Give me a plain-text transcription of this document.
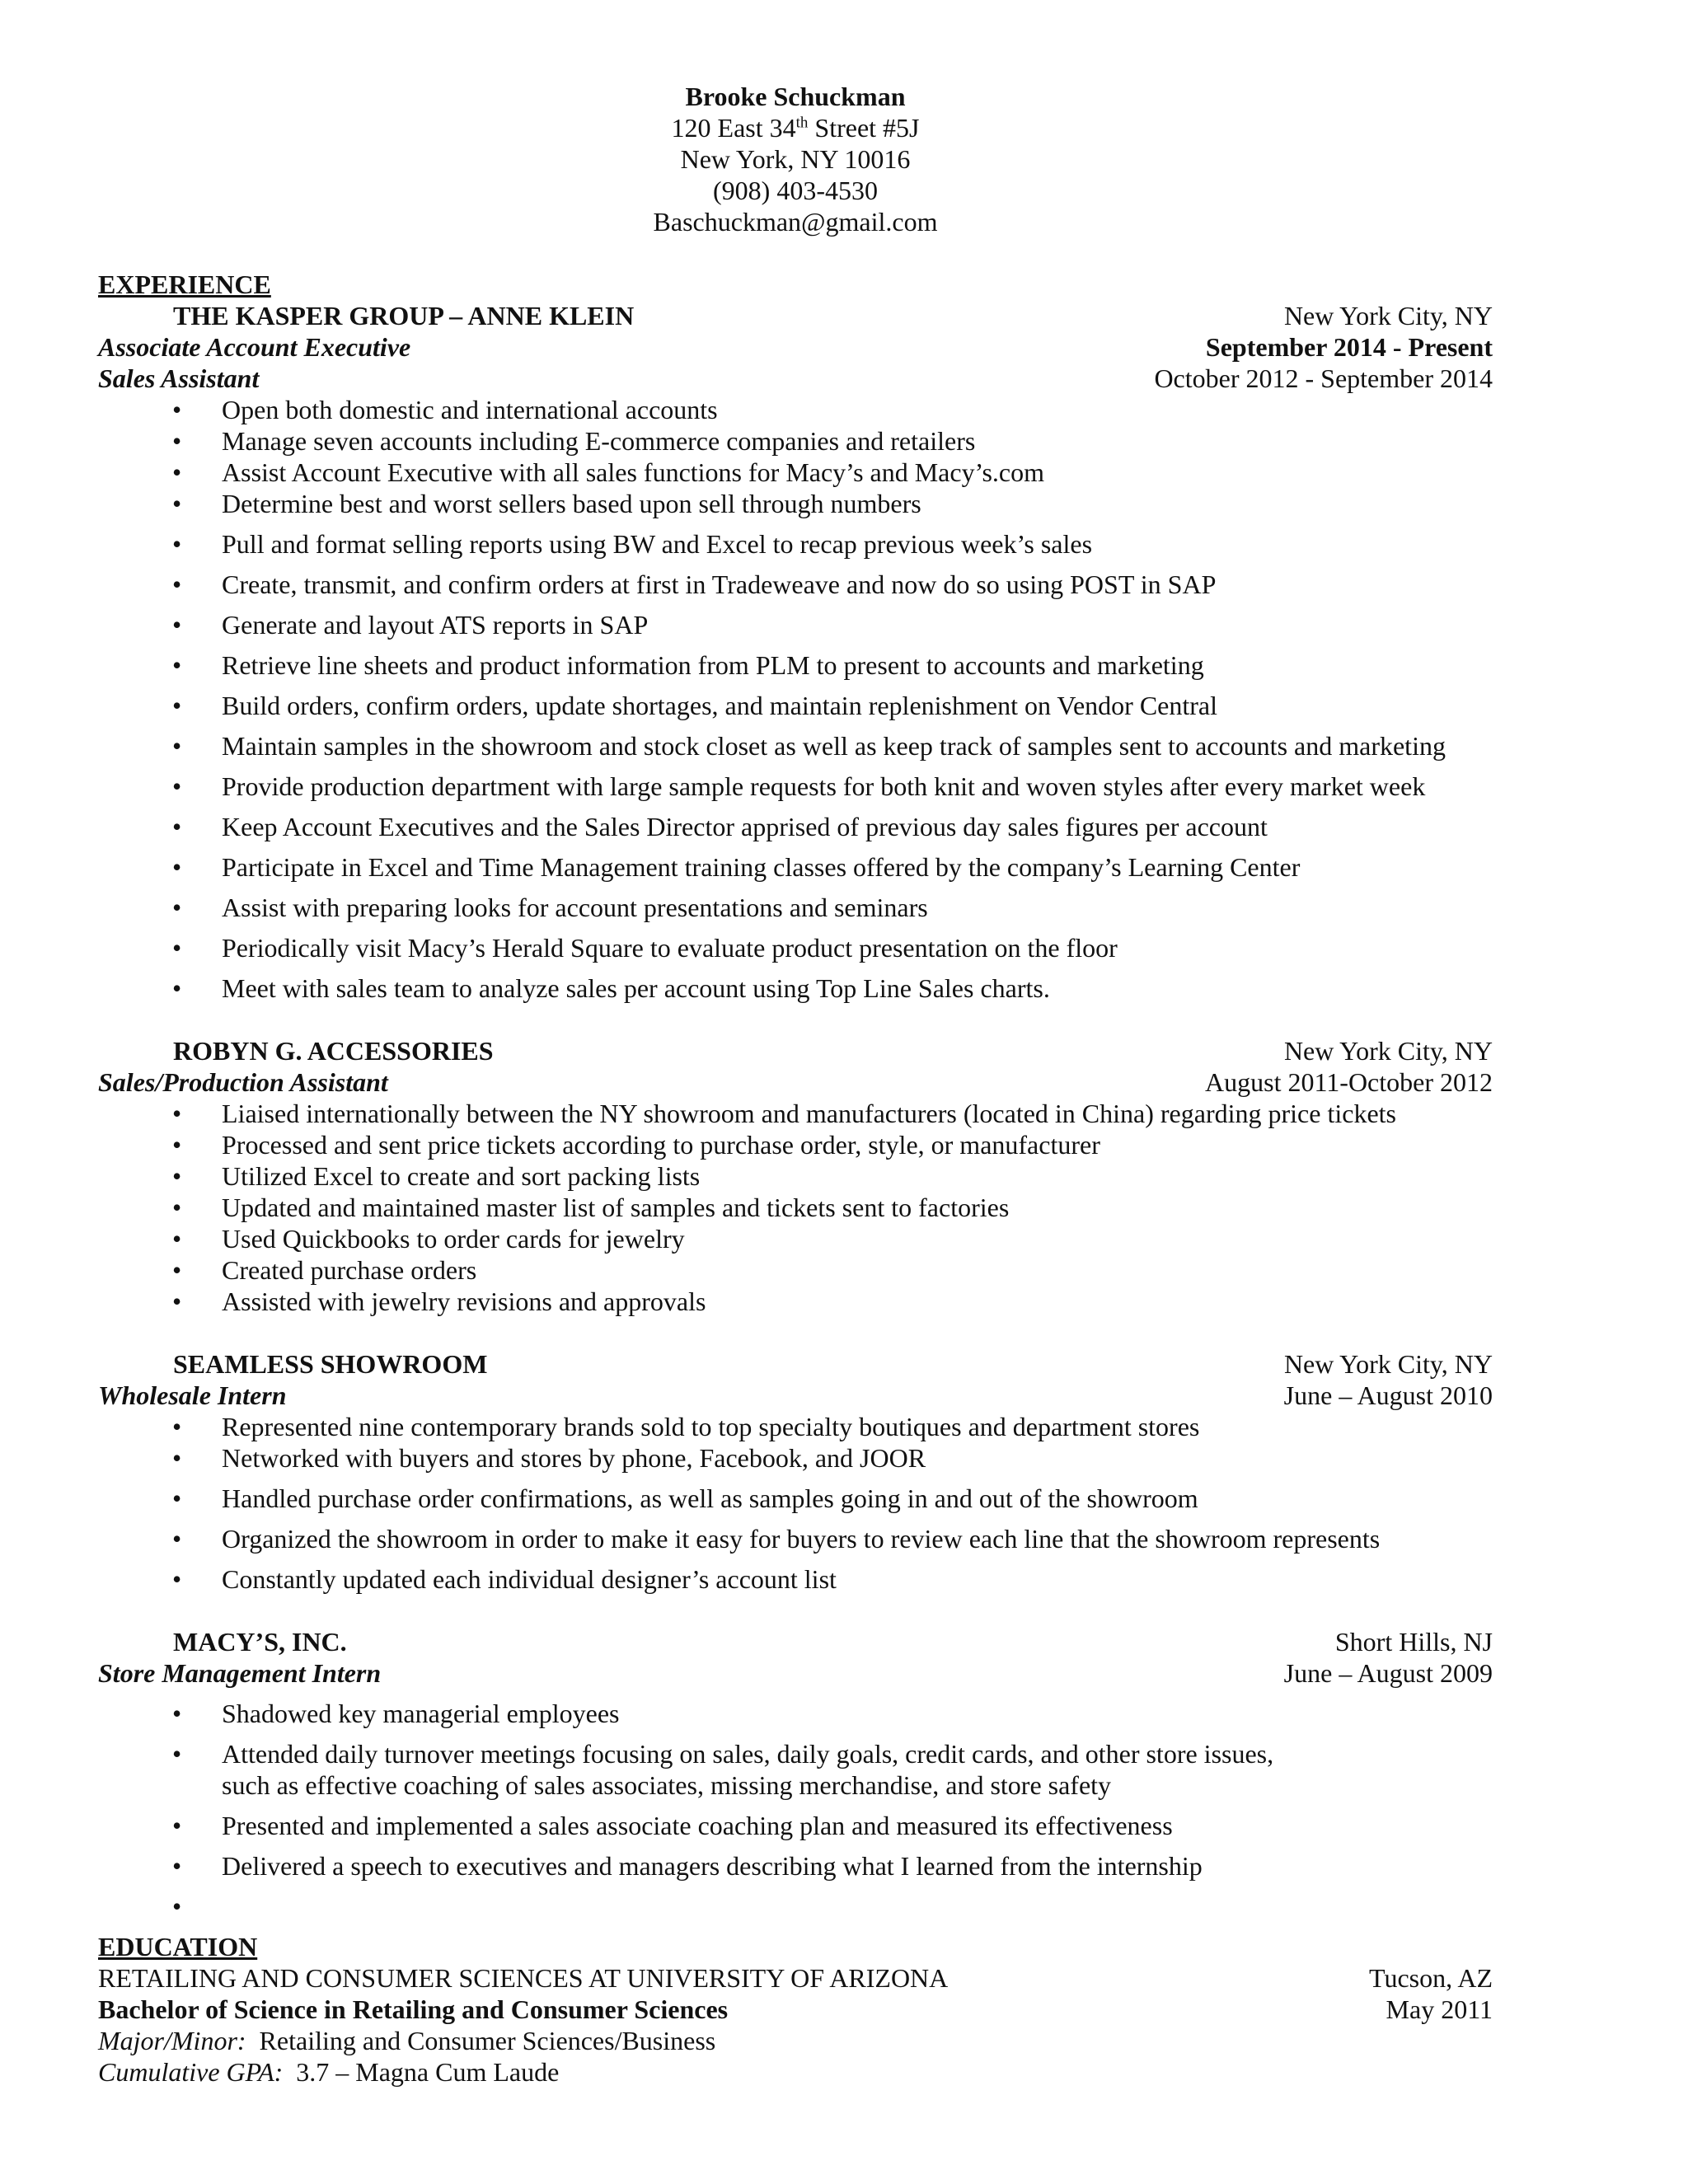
Brooke Schuckman
120 East 34th Street #5J
New York, NY 10016
(908) 403-4530
Baschuckman@gmail.com
EXPERIENCE
THE KASPER GROUP – ANNE KLEIN	New York City, NY
Associate Account Executive	September 2014 - Present
Sales Assistant	October 2012 - September 2014
• Open both domestic and international accounts
• Manage seven accounts including E-commerce companies and retailers
• Assist Account Executive with all sales functions for Macy’s and Macy’s.com
• Determine best and worst sellers based upon sell through numbers
• Pull and format selling reports using BW and Excel to recap previous week’s sales
• Create, transmit, and confirm orders at first in Tradeweave and now do so using POST in SAP
• Generate and layout ATS reports in SAP
• Retrieve line sheets and product information from PLM to present to accounts and marketing
• Build orders, confirm orders, update shortages, and maintain replenishment on Vendor Central
• Maintain samples in the showroom and stock closet as well as keep track of samples sent to accounts and marketing
• Provide production department with large sample requests for both knit and woven styles after every market week
• Keep Account Executives and the Sales Director apprised of previous day sales figures per account
• Participate in Excel and Time Management training classes offered by the company’s Learning Center
• Assist with preparing looks for account presentations and seminars
• Periodically visit Macy’s Herald Square to evaluate product presentation on the floor
• Meet with sales team to analyze sales per account using Top Line Sales charts.
ROBYN G. ACCESSORIES	New York City, NY
Sales/Production Assistant	August 2011-October 2012
• Liaised internationally between the NY showroom and manufacturers (located in China) regarding price tickets
• Processed and sent price tickets according to purchase order, style, or manufacturer
• Utilized Excel to create and sort packing lists
• Updated and maintained master list of samples and tickets sent to factories
• Used Quickbooks to order cards for jewelry
• Created purchase orders
• Assisted with jewelry revisions and approvals
SEAMLESS SHOWROOM	New York City, NY
Wholesale Intern	June – August 2010
• Represented nine contemporary brands sold to top specialty boutiques and department stores
• Networked with buyers and stores by phone, Facebook, and JOOR
• Handled purchase order confirmations, as well as samples going in and out of the showroom
• Organized the showroom in order to make it easy for buyers to review each line that the showroom represents
• Constantly updated each individual designer’s account list
MACY’S, INC.	Short Hills, NJ
Store Management Intern	June – August 2009
• Shadowed key managerial employees
• Attended daily turnover meetings focusing on sales, daily goals, credit cards, and other store issues,
such as effective coaching of sales associates, missing merchandise, and store safety
• Presented and implemented a sales associate coaching plan and measured its effectiveness
• Delivered a speech to executives and managers describing what I learned from the internship
•

EDUCATION
RETAILING AND CONSUMER SCIENCES AT UNIVERSITY OF ARIZONA	Tucson, AZ
Bachelor of Science in Retailing and Consumer Sciences	May 2011
Major/Minor: Retailing and Consumer Sciences/Business
Cumulative GPA: 3.7 – Magna Cum Laude
